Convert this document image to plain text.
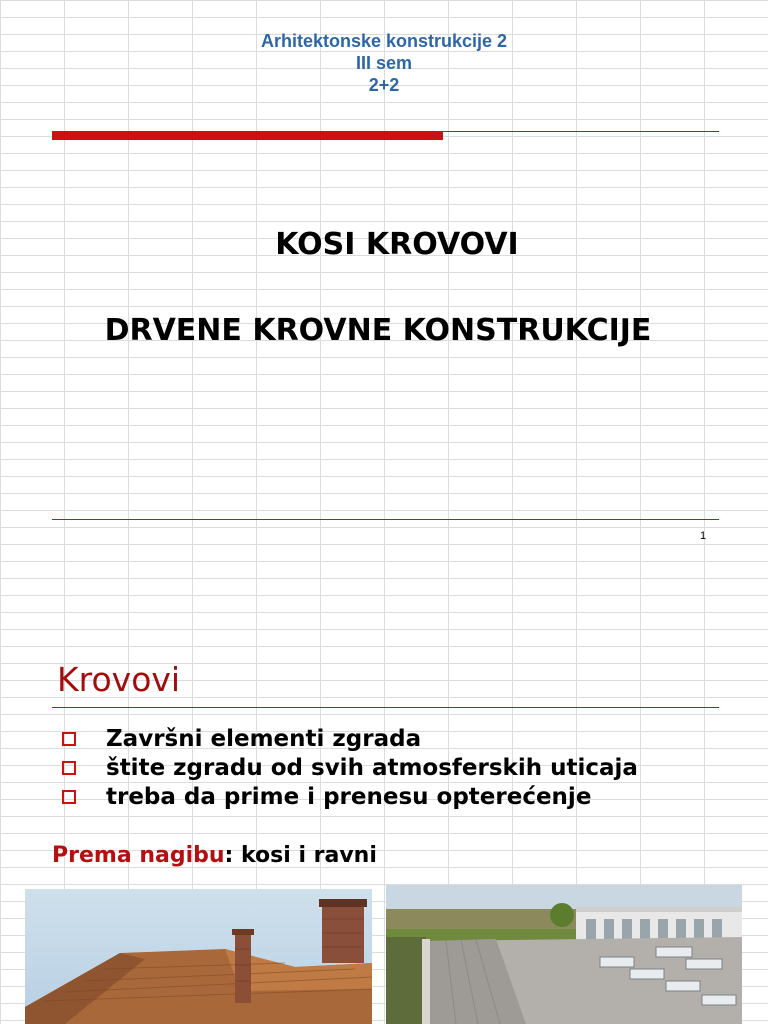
Arhitektonske konstrukcije 2
III sem
2+2
KOSI KROVOVI
DRVENE KROVNE KONSTRUKCIJE
1
Krovovi
Završni elementi zgrada
štite zgradu od svih atmosferskih uticaja
treba da prime i prenesu opterećenje

Prema nagibu: kosi i ravni
